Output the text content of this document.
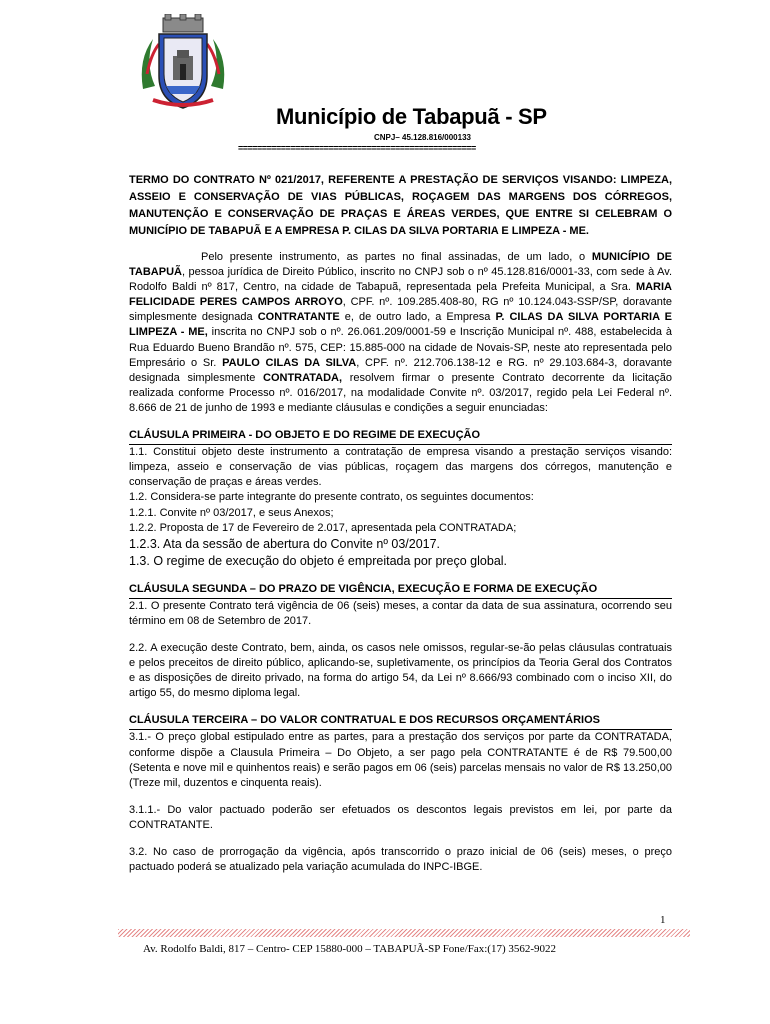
Município de Tabapuã - SP
CNPJ– 45.128.816/000133
==================================================

TERMO DO CONTRATO Nº 021/2017, REFERENTE A PRESTAÇÃO DE SERVIÇOS VISANDO: LIMPEZA, ASSEIO E CONSERVAÇÃO DE VIAS PÚBLICAS, ROÇAGEM DAS MARGENS DOS CÓRREGOS, MANUTENÇÃO E CONSERVAÇÃO DE PRAÇAS E ÁREAS VERDES, QUE ENTRE SI CELEBRAM O MUNICÍPIO DE TABAPUÃ E A EMPRESA P. CILAS DA SILVA PORTARIA E LIMPEZA - ME.

Pelo presente instrumento, as partes no final assinadas, de um lado, o MUNICÍPIO DE TABAPUÃ, pessoa jurídica de Direito Público, inscrito no CNPJ sob o nº 45.128.816/0001-33, com sede à Av. Rodolfo Baldi nº 817, Centro, na cidade de Tabapuã, representada pela Prefeita Municipal, a Sra. MARIA FELICIDADE PERES CAMPOS ARROYO, CPF. nº. 109.285.408-80, RG nº 10.124.043-SSP/SP, doravante simplesmente designada CONTRATANTE e, de outro lado, a Empresa P. CILAS DA SILVA PORTARIA E LIMPEZA - ME, inscrita no CNPJ sob o nº. 26.061.209/0001-59 e Inscrição Municipal nº. 488, estabelecida à Rua Eduardo Bueno Brandão nº. 575, CEP: 15.885-000 na cidade de Novais-SP, neste ato representada pelo Empresário o Sr. PAULO CILAS DA SILVA, CPF. nº. 212.706.138-12 e RG. nº 29.103.684-3, doravante designada simplesmente CONTRATADA, resolvem firmar o presente Contrato decorrente da licitação realizada conforme Processo nº. 016/2017, na modalidade Convite nº. 03/2017, regido pela Lei Federal nº. 8.666 de 21 de junho de 1993 e mediante cláusulas e condições a seguir enunciadas:

CLÁUSULA PRIMEIRA - DO OBJETO E DO REGIME DE EXECUÇÃO

1.1. Constitui objeto deste instrumento a contratação de empresa visando a prestação serviços visando: limpeza, asseio e conservação de vias públicas, roçagem das margens dos córregos, manutenção e conservação de praças e áreas verdes.

1.2. Considera-se parte integrante do presente contrato, os seguintes documentos:

1.2.1. Convite nº 03/2017, e seus Anexos;

1.2.2. Proposta de 17 de Fevereiro de 2.017, apresentada pela CONTRATADA;

1.2.3. Ata da sessão de abertura do Convite nº 03/2017.

1.3. O regime de execução do objeto é empreitada por preço global.

CLÁUSULA SEGUNDA – DO PRAZO DE VIGÊNCIA, EXECUÇÃO E FORMA DE EXECUÇÃO

2.1. O presente Contrato terá vigência de 06 (seis) meses, a contar da data de sua assinatura, ocorrendo seu término em 08 de Setembro de 2017.

2.2. A execução deste Contrato, bem, ainda, os casos nele omissos, regular-se-ão pelas cláusulas contratuais e pelos preceitos de direito público, aplicando-se, supletivamente, os princípios da Teoria Geral dos Contratos e as disposições de direito privado, na forma do artigo 54, da Lei nº 8.666/93 combinado com o inciso XII, do artigo 55, do mesmo diploma legal.

CLÁUSULA TERCEIRA – DO VALOR CONTRATUAL E DOS RECURSOS ORÇAMENTÁRIOS

3.1.- O preço global estipulado entre as partes, para a prestação dos serviços por parte da CONTRATADA, conforme dispõe a Clausula Primeira – Do Objeto, a ser pago pela CONTRATANTE é de R$ 79.500,00 (Setenta e nove mil e quinhentos reais) e serão pagos em 06 (seis) parcelas mensais no valor de R$ 13.250,00 (Treze mil, duzentos e cinquenta reais).

3.1.1.- Do valor pactuado poderão ser efetuados os descontos legais previstos em lei, por parte da CONTRATANTE.

3.2. No caso de prorrogação da vigência, após transcorrido o prazo inicial de 06 (seis) meses, o preço pactuado poderá se atualizado pela variação acumulada do INPC-IBGE.

1
Av. Rodolfo Baldi, 817 – Centro- CEP 15880-000 – TABAPUÃ-SP Fone/Fax:(17) 3562-9022
